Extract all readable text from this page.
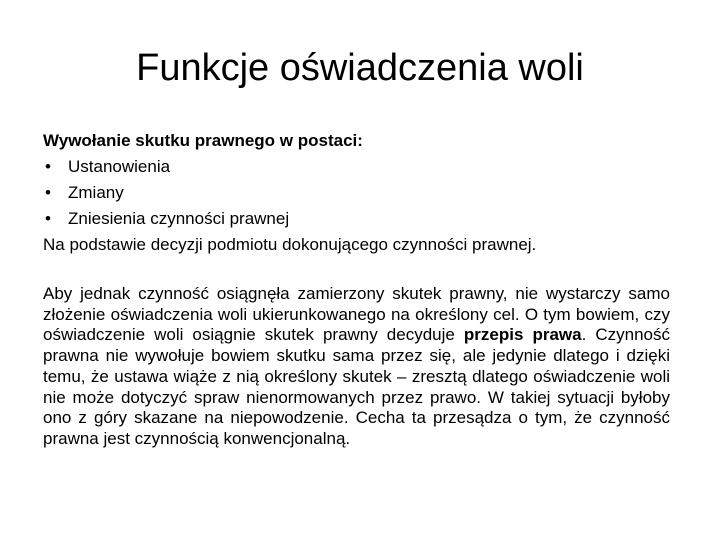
Funkcje oświadczenia woli
Wywołanie skutku prawnego w postaci:
• Ustanowienia
• Zmiany
• Zniesienia czynności prawnej
Na podstawie decyzji podmiotu dokonującego czynności prawnej.

Aby jednak czynność osiągnęła zamierzony skutek prawny, nie wystarczy samo złożenie oświadczenia woli ukierunkowanego na określony cel. O tym bowiem, czy oświadczenie woli osiągnie skutek prawny decyduje przepis prawa. Czynność prawna nie wywołuje bowiem skutku sama przez się, ale jedynie dlatego i dzięki temu, że ustawa wiąże z nią określony skutek – zresztą dlatego oświadczenie woli nie może dotyczyć spraw nienormowanych przez prawo. W takiej sytuacji byłoby ono z góry skazane na niepowodzenie. Cecha ta przesądza o tym, że czynność prawna jest czynnością konwencjonalną.
